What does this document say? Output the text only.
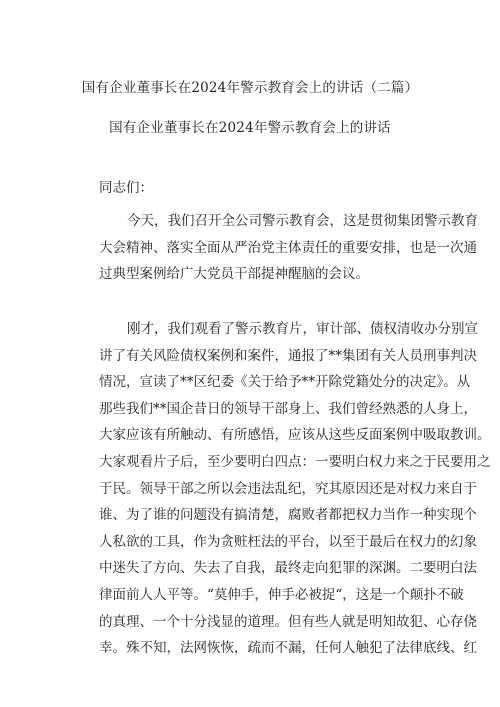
国有企业董事长在2024年警示教育会上的讲话（二篇）
国有企业董事长在2024年警示教育会上的讲话
同志们：
今天，我们召开全公司警示教育会，这是贯彻集团警示教育
大会精神、落实全面从严治党主体责任的重要安排，也是一次通
过典型案例给广大党员干部提神醒脑的会议。
刚才，我们观看了警示教育片，审计部、债权清收办分别宣
讲了有关风险债权案例和案件，通报了**集团有关人员刑事判决
情况，宣读了**区纪委《关于给予**开除党籍处分的决定》。从
那些我们**国企昔日的领导干部身上、我们曾经熟悉的人身上，
大家应该有所触动、有所感悟，应该从这些反面案例中吸取教训。
大家观看片子后，至少要明白四点：一要明白权力来之于民要用之
于民。领导干部之所以会违法乱纪，究其原因还是对权力来自于
谁、为了谁的问题没有搞清楚，腐败者都把权力当作一种实现个
人私欲的工具，作为贪赃枉法的平台，以至于最后在权力的幻象
中迷失了方向、失去了自我，最终走向犯罪的深渊。二要明白法
律面前人人平等。“莫伸手，伸手必被捉“，这是一个颠扑不破
的真理、一个十分浅显的道理。但有些人就是明知故犯、心存侥
幸。殊不知，法网恢恢，疏而不漏，任何人触犯了法律底线、红
